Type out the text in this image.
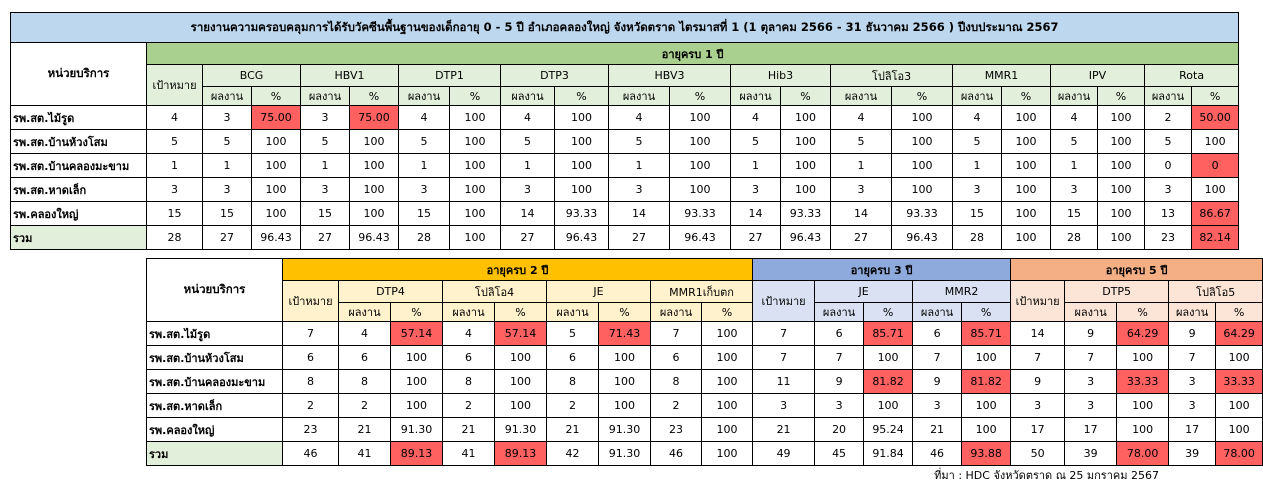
รายงานความครอบคลุมการได้รับวัคซีนพื้นฐานของเด็กอายุ 0 - 5 ปี อำเภอคลองใหญ่ จังหวัดตราด ไตรมาสที่ 1 (1 ตุลาคม 2566 - 31 ธันวาคม 2566 ) ปีงบประมาณ 2567																					
หน่วยบริการ	อายุครบ 1 ปี																				
	เป้าหมาย	BCG		HBV1		DTP1		DTP3		HBV3		Hib3		โปลิโอ3		MMR1		IPV		Rota	
		ผลงาน	%	ผลงาน	%	ผลงาน	%	ผลงาน	%	ผลงาน	%	ผลงาน	%	ผลงาน	%	ผลงาน	%	ผลงาน	%	ผลงาน	%
รพ.สต.ไม้รูด	4	3	75.00	3	75.00	4	100	4	100	4	100	4	100	4	100	4	100	4	100	2	50.00
รพ.สต.บ้านห้วงโสม	5	5	100	5	100	5	100	5	100	5	100	5	100	5	100	5	100	5	100	5	100
รพ.สต.บ้านคลองมะขาม	1	1	100	1	100	1	100	1	100	1	100	1	100	1	100	1	100	1	100	0	0
รพ.สต.หาดเล็ก	3	3	100	3	100	3	100	3	100	3	100	3	100	3	100	3	100	3	100	3	100
รพ.คลองใหญ่	15	15	100	15	100	15	100	14	93.33	14	93.33	14	93.33	14	93.33	15	100	15	100	13	86.67
รวม	28	27	96.43	27	96.43	28	100	27	96.43	27	96.43	27	96.43	27	96.43	28	100	28	100	23	82.14
หน่วยบริการ	อายุครบ 2 ปี									อายุครบ 3 ปี					อายุครบ 5 ปี				
	เป้าหมาย	DTP4		โปลิโอ4		JE		MMR1เก็บตก		เป้าหมาย	JE		MMR2		เป้าหมาย	DTP5		โปลิโอ5	
		ผลงาน	%	ผลงาน	%	ผลงาน	%	ผลงาน	%		ผลงาน	%	ผลงาน	%		ผลงาน	%	ผลงาน	%
รพ.สต.ไม้รูด	7	4	57.14	4	57.14	5	71.43	7	100	7	6	85.71	6	85.71	14	9	64.29	9	64.29
รพ.สต.บ้านห้วงโสม	6	6	100	6	100	6	100	6	100	7	7	100	7	100	7	7	100	7	100
รพ.สต.บ้านคลองมะขาม	8	8	100	8	100	8	100	8	100	11	9	81.82	9	81.82	9	3	33.33	3	33.33
รพ.สต.หาดเล็ก	2	2	100	2	100	2	100	2	100	3	3	100	3	100	3	3	100	3	100
รพ.คลองใหญ่	23	21	91.30	21	91.30	21	91.30	23	100	21	20	95.24	21	100	17	17	100	17	100
รวม	46	41	89.13	41	89.13	42	91.30	46	100	49	45	91.84	46	93.88	50	39	78.00	39	78.00
ที่มา : HDC จังหวัดตราด ณ 25 มกราคม 2567
